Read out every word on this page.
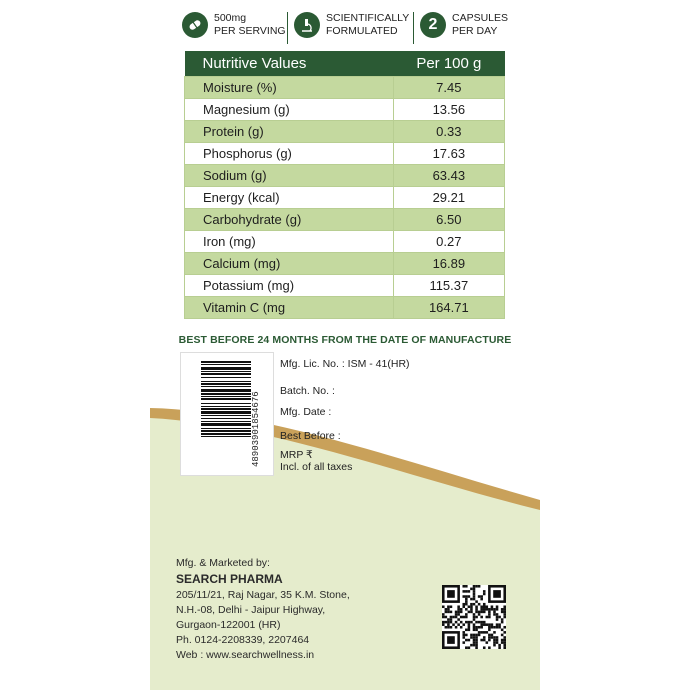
500mg
PER SERVING
SCIENTIFICALLY
FORMULATED	2	CAPSULES
PER DAY
Nutritive Values	Per 100 g
Moisture (%)	7.45
Magnesium (g)	13.56
Protein (g)	0.33
Phosphorus (g)	17.63
Sodium (g)	63.43
Energy (kcal)	29.21
Carbohydrate (g)	6.50
Iron (mg)	0.27
Calcium (mg)	16.89
Potassium (mg)	115.37
Vitamin C (mg	164.71
BEST BEFORE 24 MONTHS FROM THE DATE OF MANUFACTURE
48903901854676
Mfg. Lic. No. : ISM - 41(HR)
Batch. No. :
Mfg. Date :
Best Before :
MRP ₹
Incl. of all taxes
Mfg. & Marketed by:
SEARCH PHARMA
205/11/21, Raj Nagar, 35 K.M. Stone,
N.H.-08, Delhi - Jaipur Highway,
Gurgaon-122001 (HR)
Ph. 0124-2208339, 2207464
Web : www.searchwellness.in
